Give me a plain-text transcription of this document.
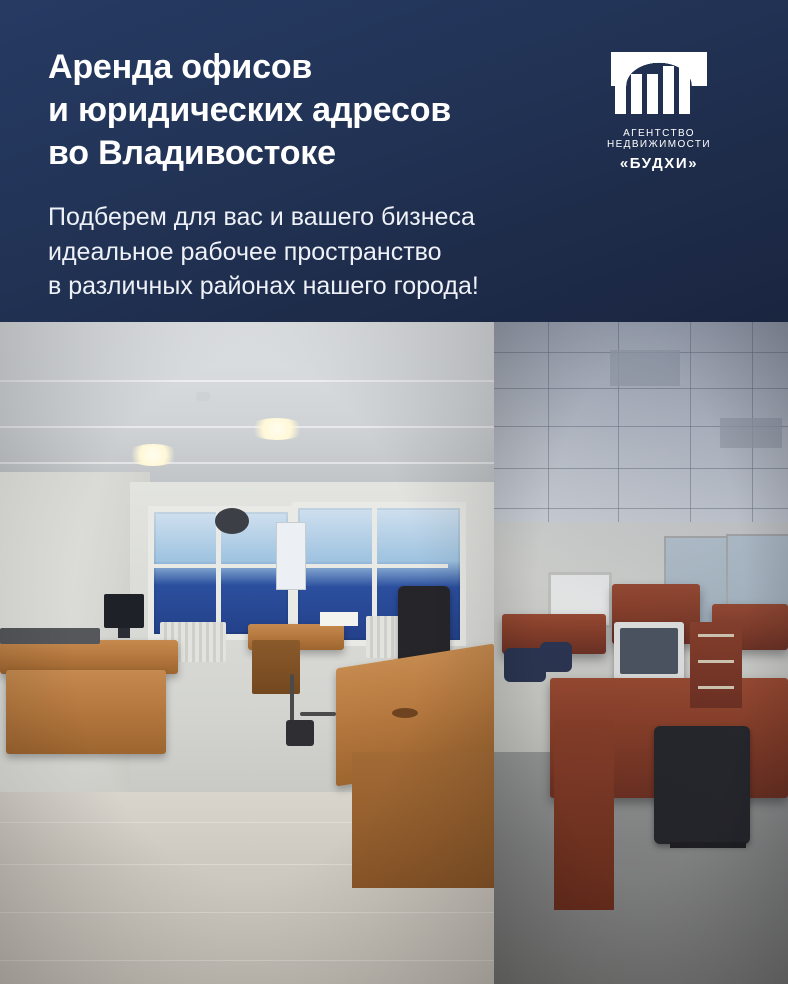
Аренда офисов
и юридических адресов
во Владивостоке
АГЕНТСТВО НЕДВИЖИМОСТИ
«БУДХИ»

Подберем для вас и вашего бизнеса
идеальное рабочее пространство
в различных районах нашего города!
